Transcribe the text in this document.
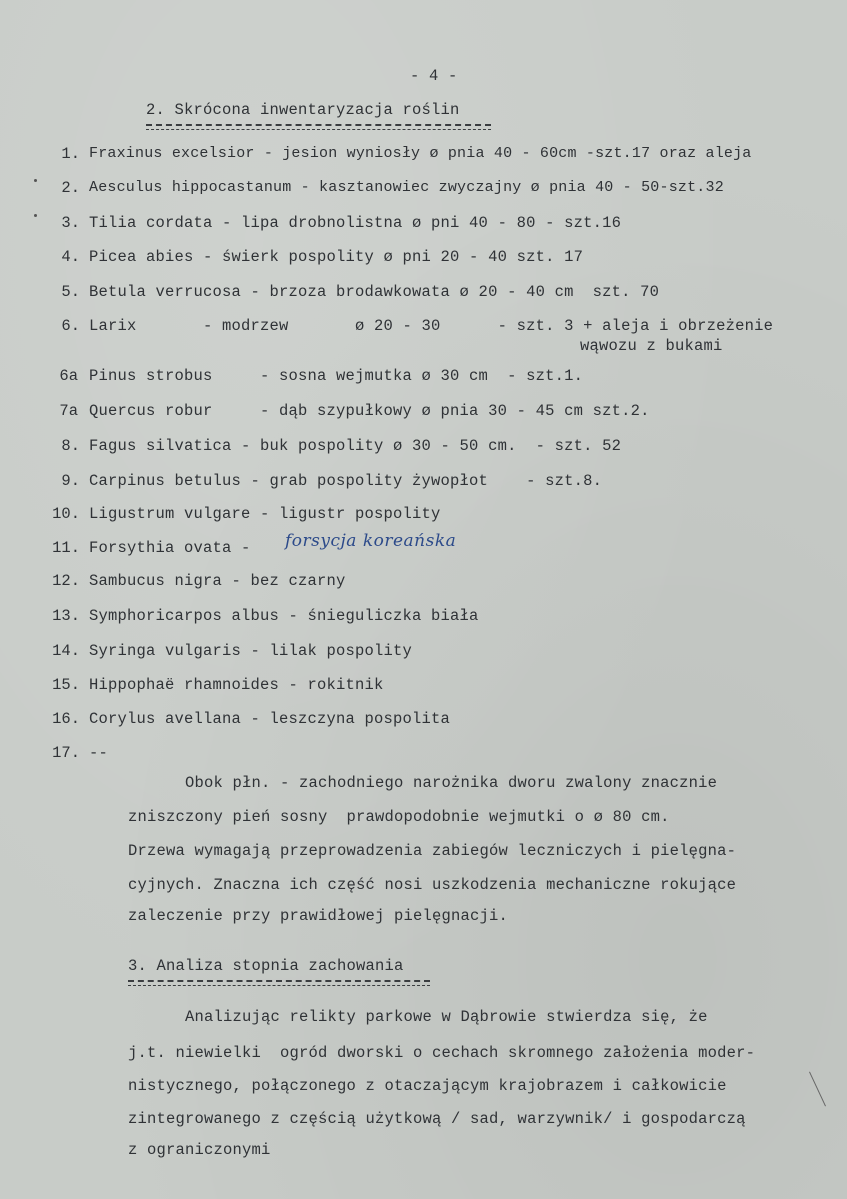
- 4 -
2. Skrócona inwentaryzacja roślin
1. Fraxinus excelsior - jesion wyniosły ø pnia 40 - 60cm -szt.17 oraz aleja
2. Aesculus hippocastanum - kasztanowiec zwyczajny ø pnia 40 - 50-szt.32
3. Tilia cordata - lipa drobnolistna ø pni 40 - 80 - szt.16
4. Picea abies - świerk pospolity ø pni 20 - 40 szt. 17
5. Betula verrucosa - brzoza brodawkowata ø 20 - 40 cm  szt. 70
6. Larix       - modrzew       ø 20 - 30      - szt. 3 + aleja i obrzeżenie
wąwozu z bukami
6a Pinus strobus     - sosna wejmutka ø 30 cm  - szt.1.
7a Quercus robur     - dąb szypułkowy ø pnia 30 - 45 cm szt.2.
8. Fagus silvatica - buk pospolity ø 30 - 50 cm.  - szt. 52
9. Carpinus betulus - grab pospolity żywopłot    - szt.8.
10. Ligustrum vulgare - ligustr pospolity
11. Forsythia ovata - forsycja koreańska
12. Sambucus nigra - bez czarny
13. Symphoricarpos albus - śnieguliczka biała
14. Syringa vulgaris - lilak pospolity
15. Hippophaë rhamnoides - rokitnik
16. Corylus avellana - leszczyna pospolita
17. --
Obok płn. - zachodniego narożnika dworu zwalony znacznie
zniszczony pień sosny  prawdopodobnie wejmutki o ø 80 cm.
Drzewa wymagają przeprowadzenia zabiegów leczniczych i pielęgna-
cyjnych. Znaczna ich część nosi uszkodzenia mechaniczne rokujące
zaleczenie przy prawidłowej pielęgnacji.
3. Analiza stopnia zachowania
Analizując relikty parkowe w Dąbrowie stwierdza się, że
j.t. niewielki  ogród dworski o cechach skromnego założenia moder-
nistycznego, połączonego z otaczającym krajobrazem i całkowicie
zintegrowanego z częścią użytkową / sad, warzywnik/ i gospodarczą
z ograniczonymi
